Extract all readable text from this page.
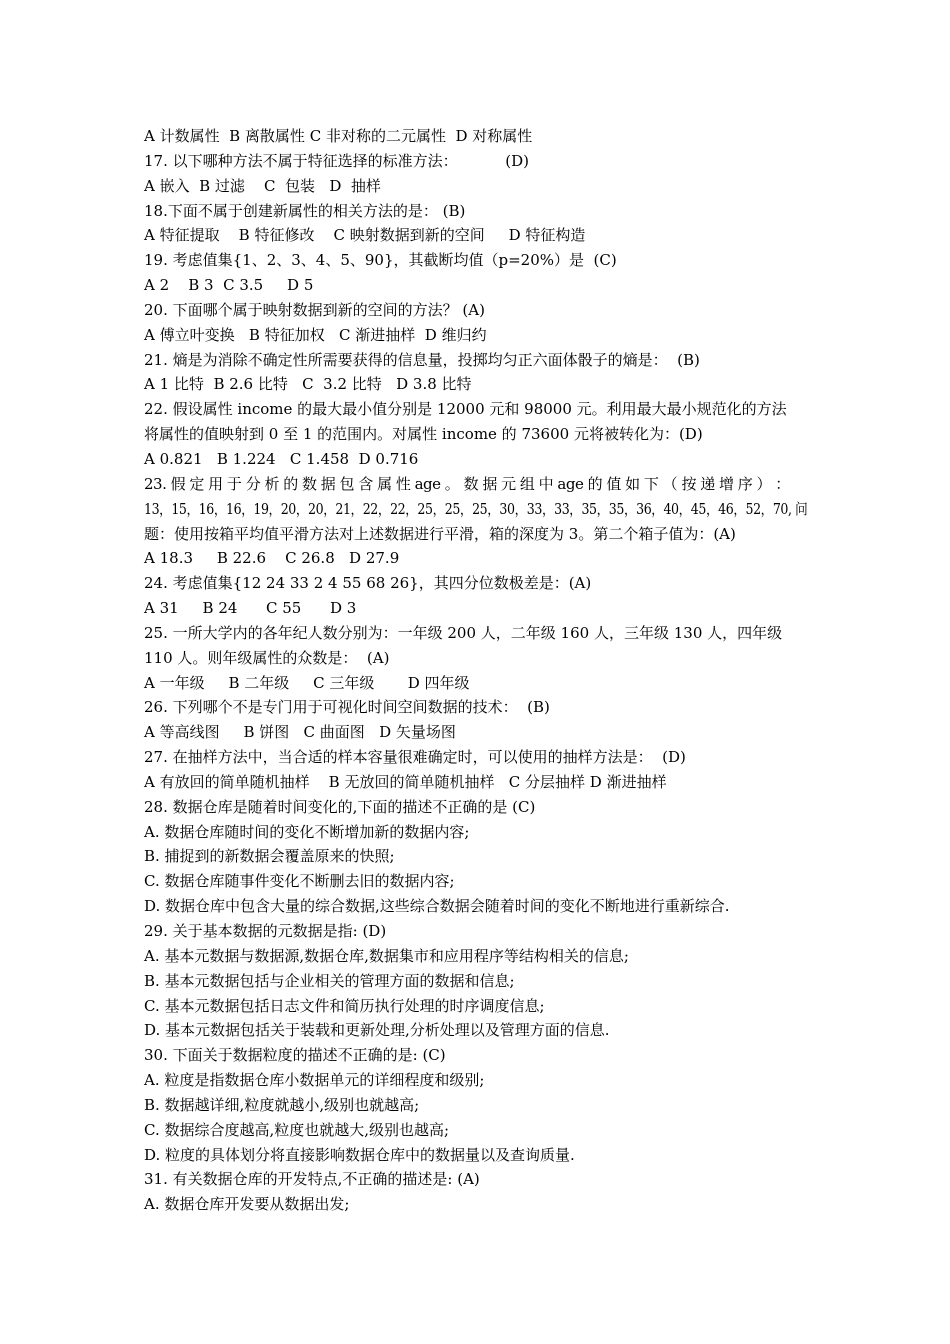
A 计数属性  B 离散属性 C 非对称的二元属性  D 对称属性
17. 以下哪种方法不属于特征选择的标准方法：          (D)
A 嵌入  B 过滤    C  包装   D  抽样
18.下面不属于创建新属性的相关方法的是： (B)
A 特征提取    B 特征修改    C 映射数据到新的空间     D 特征构造
19. 考虑值集{1、2、3、4、5、90}，其截断均值（p=20%）是  (C)
A 2    B 3  C 3.5     D 5
20. 下面哪个属于映射数据到新的空间的方法？ (A)
A 傅立叶变换   B 特征加权   C 渐进抽样  D 维归约
21. 熵是为消除不确定性所需要获得的信息量，投掷均匀正六面体骰子的熵是：  (B)
A 1 比特  B 2.6 比特   C  3.2 比特   D 3.8 比特
22. 假设属性 income 的最大最小值分别是 12000 元和 98000 元。利用最大最小规范化的方法
将属性的值映射到 0 至 1 的范围内。对属性 income 的 73600 元将被转化为：(D)
A 0.821   B 1.224   C 1.458  D 0.716
23. 假 定 用 于 分 析 的 数 据 包 含 属 性 age 。 数 据 元 组 中 age 的 值 如 下 （ 按 递 增 序 ） ：
13，15，16，16，19，20，20，21，22，22，25，25，25，30，33，33，35，35，36，40，45，46，52，70, 问
题：使用按箱平均值平滑方法对上述数据进行平滑，箱的深度为 3。第二个箱子值为：(A)
A 18.3     B 22.6    C 26.8   D 27.9
24. 考虑值集{12 24 33 2 4 55 68 26}，其四分位数极差是：(A)
A 31     B 24      C 55      D 3
25. 一所大学内的各年纪人数分别为：一年级 200 人，二年级 160 人，三年级 130 人，四年级
110 人。则年级属性的众数是：  (A)
A 一年级     B 二年级     C 三年级       D 四年级
26. 下列哪个不是专门用于可视化时间空间数据的技术：  (B)
A 等高线图     B 饼图   C 曲面图   D 矢量场图
27. 在抽样方法中，当合适的样本容量很难确定时，可以使用的抽样方法是：  (D)
A 有放回的简单随机抽样    B 无放回的简单随机抽样   C 分层抽样 D 渐进抽样
28. 数据仓库是随着时间变化的,下面的描述不正确的是 (C)
A. 数据仓库随时间的变化不断增加新的数据内容;
B. 捕捉到的新数据会覆盖原来的快照;
C. 数据仓库随事件变化不断删去旧的数据内容;
D. 数据仓库中包含大量的综合数据,这些综合数据会随着时间的变化不断地进行重新综合.
29. 关于基本数据的元数据是指: (D)
A. 基本元数据与数据源,数据仓库,数据集市和应用程序等结构相关的信息;
B. 基本元数据包括与企业相关的管理方面的数据和信息;
C. 基本元数据包括日志文件和简历执行处理的时序调度信息;
D. 基本元数据包括关于装载和更新处理,分析处理以及管理方面的信息.
30. 下面关于数据粒度的描述不正确的是: (C)
A. 粒度是指数据仓库小数据单元的详细程度和级别;
B. 数据越详细,粒度就越小,级别也就越高;
C. 数据综合度越高,粒度也就越大,级别也越高;
D. 粒度的具体划分将直接影响数据仓库中的数据量以及查询质量.
31. 有关数据仓库的开发特点,不正确的描述是: (A)
A. 数据仓库开发要从数据出发;
